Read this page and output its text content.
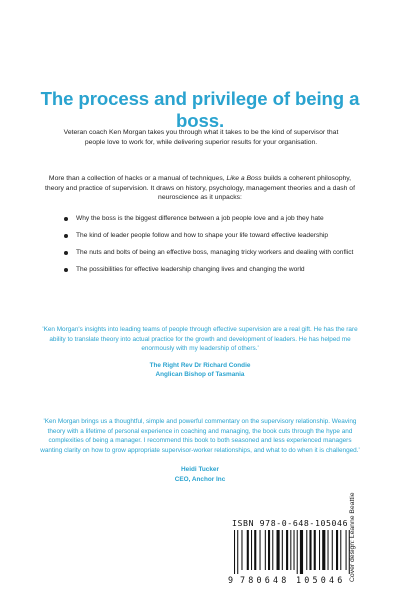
The process and privilege of being a boss.

Veteran coach Ken Morgan takes you through what it takes to be the kind of supervisor that people love to work for, while delivering superior results for your organisation.

More than a collection of hacks or a manual of techniques, Like a Boss builds a coherent philosophy, theory and practice of supervision. It draws on history, psychology, management theories and a dash of neuroscience as it unpacks:

Why the boss is the biggest difference between a job people love and a job they hate
The kind of leader people follow and how to shape your life toward effective leadership
The nuts and bolts of being an effective boss, managing tricky workers and dealing with conflict
The possibilities for effective leadership changing lives and changing the world

'Ken Morgan's insights into leading teams of people through effective supervision are a real gift. He has the rare ability to translate theory into actual practice for the growth and development of leaders. He has helped me enormously with my leadership of others.'

The Right Rev Dr Richard Condie
Anglican Bishop of Tasmania

'Ken Morgan brings us a thoughtful, simple and powerful commentary on the supervisory relationship. Weaving theory with a lifetime of personal experience in coaching and managing, the book cuts through the hype and complexities of being a manager. I recommend this book to both seasoned and less experienced managers wanting clarity on how to grow appropriate supervisor-worker relationships, and what to do when it is challenged.'

Heidi Tucker
CEO, Anchor Inc
ISBN 978-0-648-105046
9 780648 105046 Cover design: Leanne Beattie
